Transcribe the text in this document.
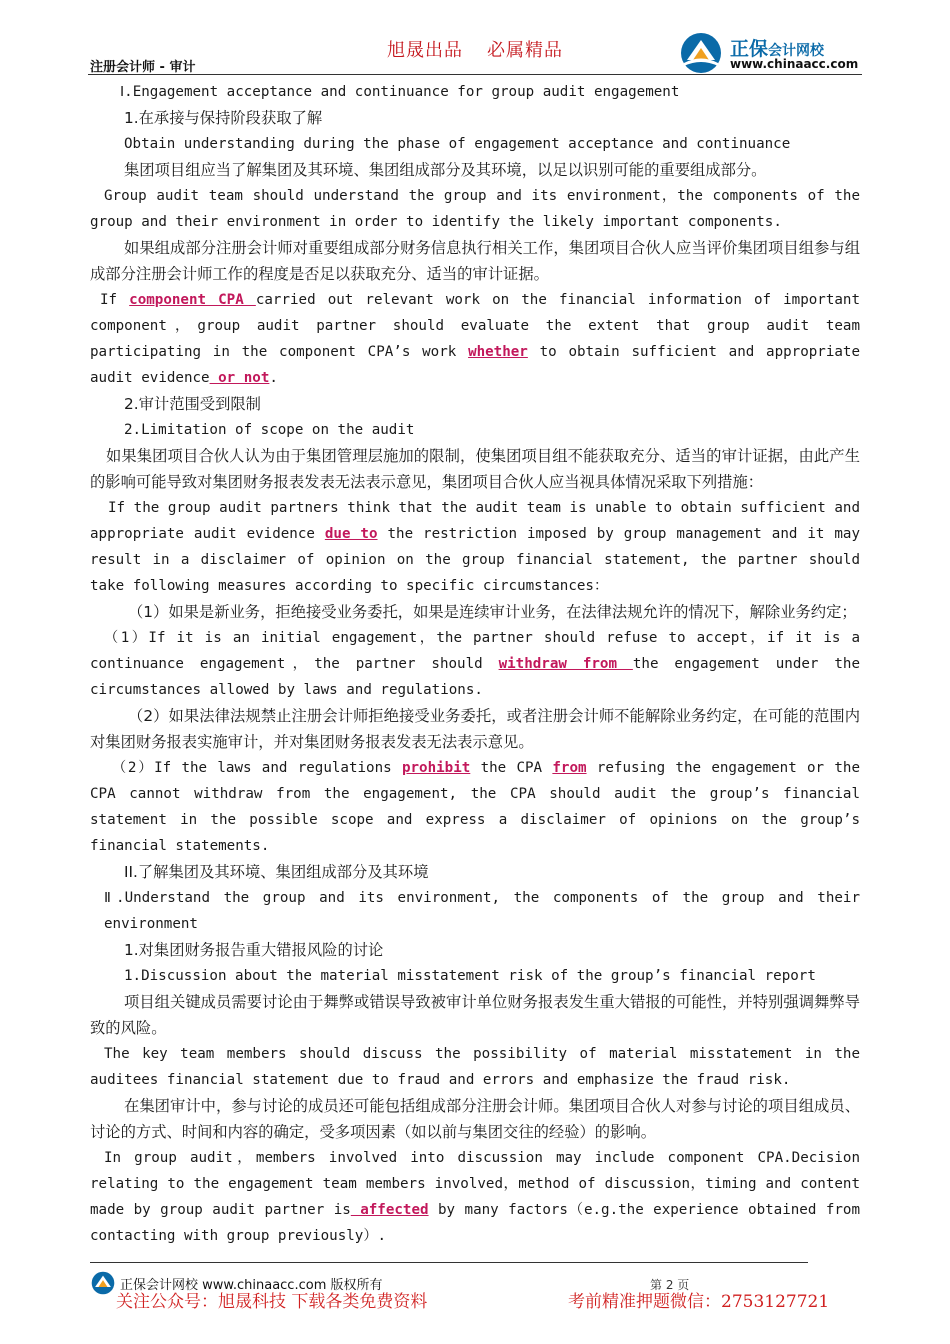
旭晟出品 必属精品
注册会计师 - 审计
正保会计网校
www.chinaacc.com

Ⅰ.Engagement acceptance and continuance for group audit engagement

1.在承接与保持阶段获取了解

Obtain understanding during the phase of engagement acceptance and continuance

集团项目组应当了解集团及其环境、集团组成部分及其环境，以足以识别可能的重要组成部分。

Group audit team should understand the group and its environment，the components of the group and their environment in order to identify the likely important components.

如果组成部分注册会计师对重要组成部分财务信息执行相关工作，集团项目合伙人应当评价集团项目组参与组成部分注册会计师工作的程度是否足以获取充分、适当的审计证据。

If component CPA carried out relevant work on the financial information of important component，group audit partner should evaluate the extent that group audit team participating in the component CPA’s work whether to obtain sufficient and appropriate audit evidence or not.

2.审计范围受到限制

2.Limitation of scope on the audit

如果集团项目合伙人认为由于集团管理层施加的限制，使集团项目组不能获取充分、适当的审计证据，由此产生的影响可能导致对集团财务报表发表无法表示意见，集团项目合伙人应当视具体情况采取下列措施：

If the group audit partners think that the audit team is unable to obtain sufficient and appropriate audit evidence due to the restriction imposed by group management and it may result in a disclaimer of opinion on the group financial statement, the partner should take following measures according to specific circumstances：

（1）如果是新业务，拒绝接受业务委托，如果是连续审计业务，在法律法规允许的情况下，解除业务约定；

（1）If it is an initial engagement，the partner should refuse to accept，if it is a continuance engagement，the partner should withdraw from the engagement under the circumstances allowed by laws and regulations.

（2）如果法律法规禁止注册会计师拒绝接受业务委托，或者注册会计师不能解除业务约定，在可能的范围内对集团财务报表实施审计，并对集团财务报表发表无法表示意见。

（2）If the laws and regulations prohibit the CPA from refusing the engagement or the CPA cannot withdraw from the engagement, the CPA should audit the group’s financial statement in the possible scope and express a disclaimer of opinions on the group’s financial statements.

II.了解集团及其环境、集团组成部分及其环境

Ⅱ.Understand the group and its environment, the components of the group and their environment

1.对集团财务报告重大错报风险的讨论

1.Discussion about the material misstatement risk of the group’s financial report

项目组关键成员需要讨论由于舞弊或错误导致被审计单位财务报表发生重大错报的可能性，并特别强调舞弊导致的风险。

The key team members should discuss the possibility of material misstatement in the auditees financial statement due to fraud and errors and emphasize the fraud risk.

在集团审计中，参与讨论的成员还可能包括组成部分注册会计师。集团项目合伙人对参与讨论的项目组成员、讨论的方式、时间和内容的确定，受多项因素（如以前与集团交往的经验）的影响。

In group audit，members involved into discussion may include component CPA.Decision relating to the engagement team members involved，method of discussion，timing and content made by group audit partner is affected by many factors（e.g.the experience obtained from contacting with group previously）.

正保会计网校 www.chinaacc.com 版权所有	第 2 页
关注公众号：旭晟科技 下载各类免费资料	考前精准押题微信：2753127721
